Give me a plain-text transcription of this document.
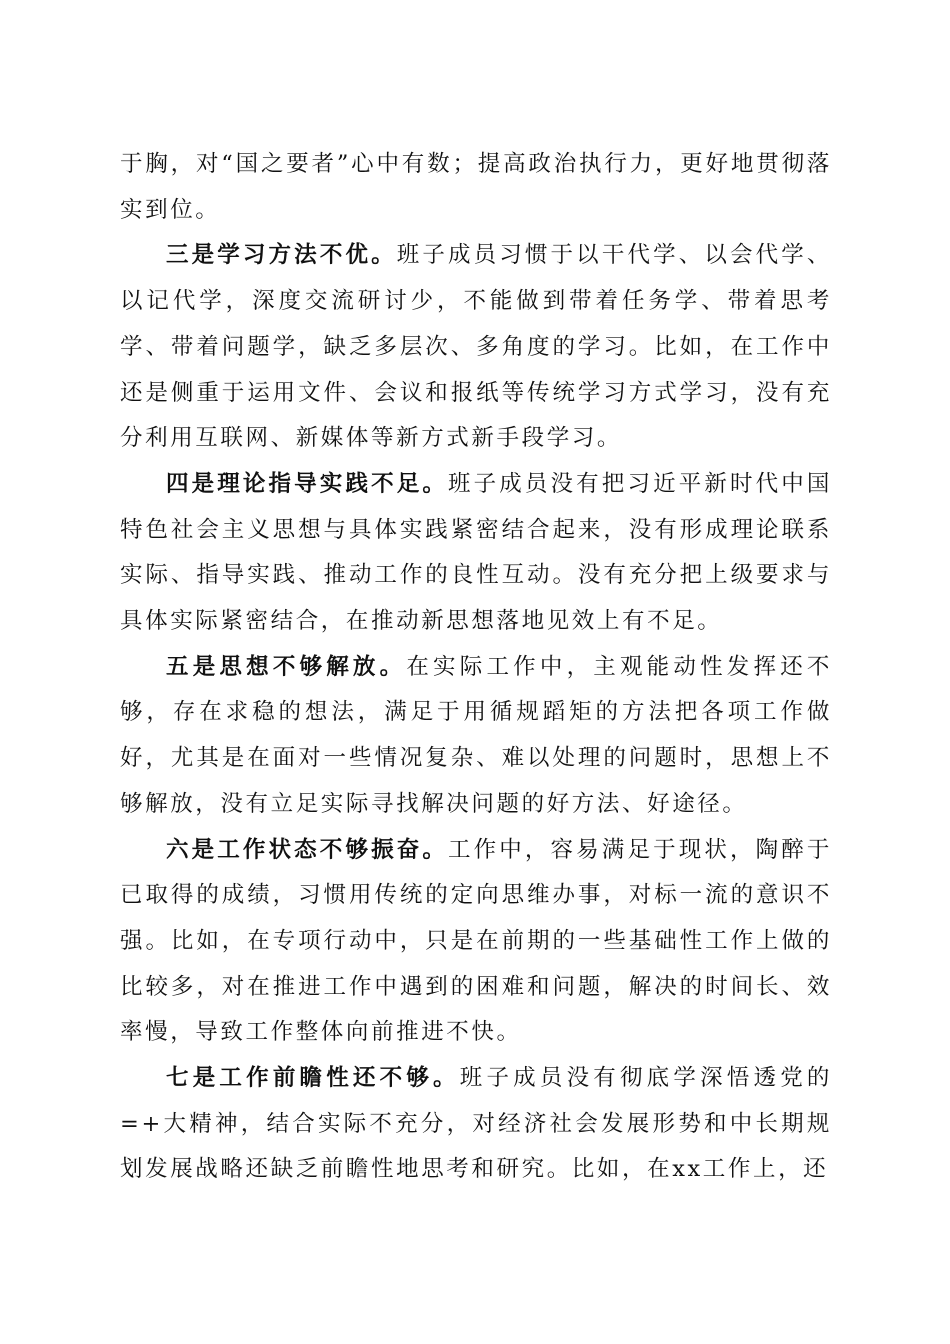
于胸，对“国之要者”心中有数；提高政治执行力，更好地贯彻落实到位。

三是学习方法不优。班子成员习惯于以干代学、以会代学、以记代学，深度交流研讨少，不能做到带着任务学、带着思考学、带着问题学，缺乏多层次、多角度的学习。比如，在工作中还是侧重于运用文件、会议和报纸等传统学习方式学习，没有充分利用互联网、新媒体等新方式新手段学习。

四是理论指导实践不足。班子成员没有把习近平新时代中国特色社会主义思想与具体实践紧密结合起来，没有形成理论联系实际、指导实践、推动工作的良性互动。没有充分把上级要求与具体实际紧密结合，在推动新思想落地见效上有不足。

五是思想不够解放。在实际工作中，主观能动性发挥还不够，存在求稳的想法，满足于用循规蹈矩的方法把各项工作做好，尤其是在面对一些情况复杂、难以处理的问题时，思想上不够解放，没有立足实际寻找解决问题的好方法、好途径。

六是工作状态不够振奋。工作中，容易满足于现状，陶醉于已取得的成绩，习惯用传统的定向思维办事，对标一流的意识不强。比如，在专项行动中，只是在前期的一些基础性工作上做的比较多，对在推进工作中遇到的困难和问题，解决的时间长、效率慢，导致工作整体向前推进不快。

七是工作前瞻性还不够。班子成员没有彻底学深悟透党的=+大精神，结合实际不充分，对经济社会发展形势和中长期规划发展战略还缺乏前瞻性地思考和研究。比如，在xx工作上，还
